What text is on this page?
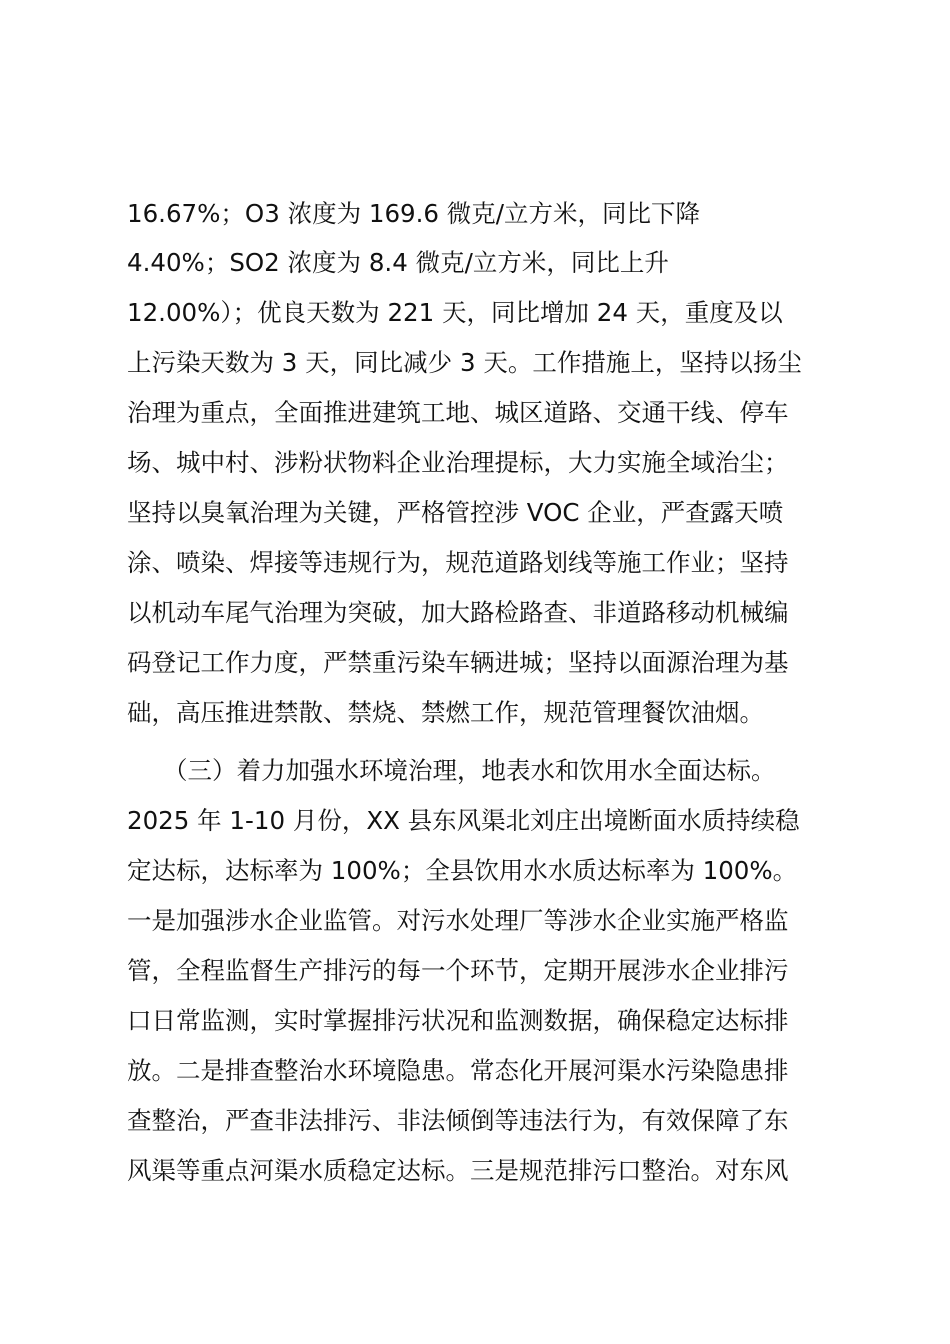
16.67%；O3 浓度为 169.6 微克/立方米，同比下降
4.40%；SO2 浓度为 8.4 微克/立方米，同比上升
12.00%）；优良天数为 221 天，同比增加 24 天，重度及以
上污染天数为 3 天，同比减少 3 天。工作措施上，坚持以扬尘
治理为重点，全面推进建筑工地、城区道路、交通干线、停车
场、城中村、涉粉状物料企业治理提标，大力实施全域治尘；
坚持以臭氧治理为关键，严格管控涉 VOC 企业，严查露天喷
涂、喷染、焊接等违规行为，规范道路划线等施工作业；坚持
以机动车尾气治理为突破，加大路检路查、非道路移动机械编
码登记工作力度，严禁重污染车辆进城；坚持以面源治理为基
础，高压推进禁散、禁烧、禁燃工作，规范管理餐饮油烟。
（三）着力加强水环境治理，地表水和饮用水全面达标。
2025 年 1-10 月份，XX 县东风渠北刘庄出境断面水质持续稳
定达标，达标率为 100%；全县饮用水水质达标率为 100%。
一是加强涉水企业监管。对污水处理厂等涉水企业实施严格监
管，全程监督生产排污的每一个环节，定期开展涉水企业排污
口日常监测，实时掌握排污状况和监测数据，确保稳定达标排
放。二是排查整治水环境隐患。常态化开展河渠水污染隐患排
查整治，严查非法排污、非法倾倒等违法行为，有效保障了东
风渠等重点河渠水质稳定达标。三是规范排污口整治。对东风
